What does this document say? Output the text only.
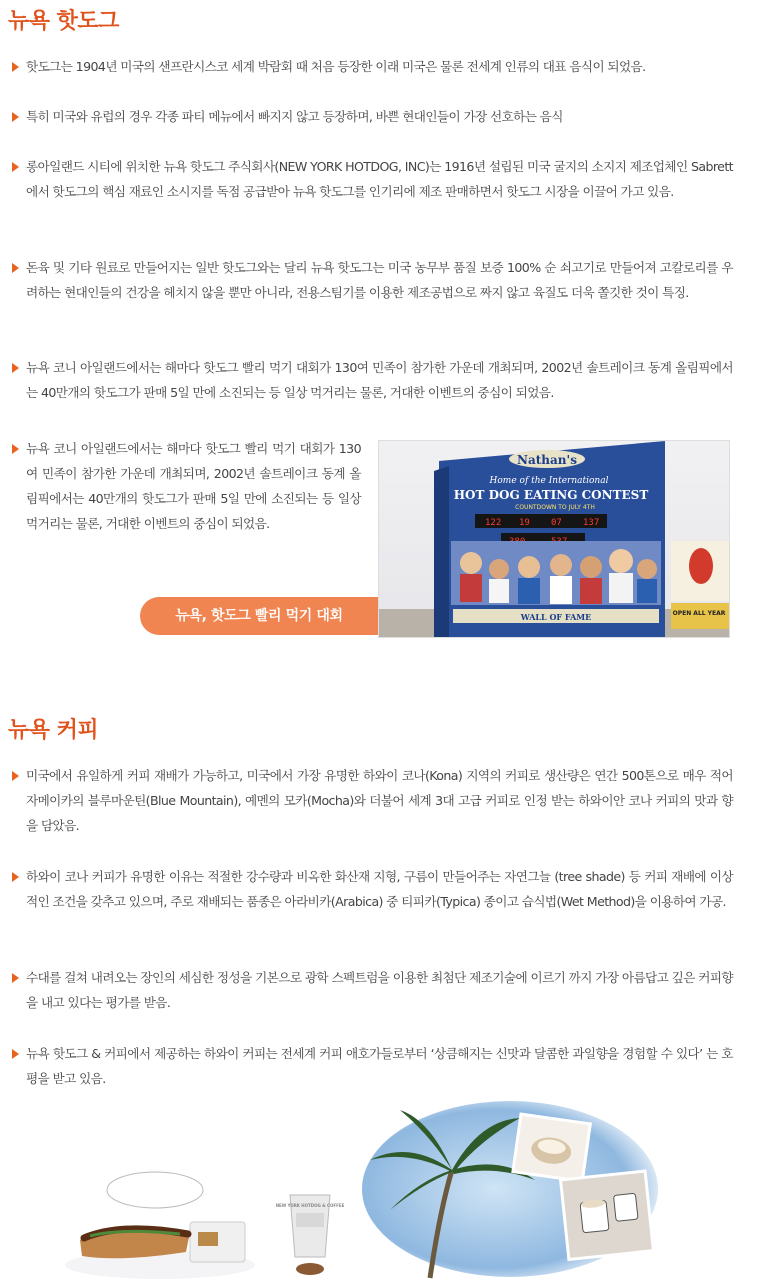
뉴욕 핫도그
핫도그는 1904년 미국의 샌프란시스코 세계 박람회 때 처음 등장한 이래 미국은 물론 전세계 인류의 대표 음식이 되었음.
특히 미국와 유럽의 경우 각종 파티 메뉴에서 빠지지 않고 등장하며, 바쁜 현대인들이 가장 선호하는 음식
롱아일랜드 시티에 위치한 뉴욕 핫도그 주식회사(NEW YORK HOTDOG, INC)는 1916년 설립된 미국 굴지의 소지지 제조업체인 Sabrett 에서 핫도그의 핵심 재료인 소시지를 독점 공급받아 뉴욕 핫도그를 인기리에 제조 판매하면서 핫도그 시장을 이끌어 가고 있음.
돈육 및 기타 원료로 만들어지는 일반 핫도그와는 달리 뉴욕 핫도그는 미국 농무부 품질 보증 100% 순 쇠고기로 만들어져 고칼로리를 우려하는 현대인들의 건강을 헤치지 않을 뿐만 아니라, 전용스팀기를 이용한 제조공법으로 짜지 않고 육질도 더욱 쫄깃한 것이 특징.
뉴욕 코니 아일랜드에서는 해마다 핫도그 빨리 먹기 대회가 130여 민족이 참가한 가운데 개최되며, 2002년 솔트레이크 동계 올림픽에서는 40만개의 핫도그가 판매 5일 만에 소진되는 등 일상 먹거리는 물론, 거대한 이벤트의 중심이 되었음.
뉴욕 코니 아일랜드에서는 해마다 핫도그 빨리 먹기 대회가 130여 민족이 참가한 가운데 개최되며, 2002년 솔트레이크 동계 올림픽에서는 40만개의 핫도그가 판매 5일 만에 소진되는 등 일상 먹거리는 물론, 거대한 이벤트의 중심이 되었음.
Nathan's
Home of the International
HOT DOG EATING CONTEST
COUNTDOWN TO JULY 4TH
122 19 07 137
WALL OF FAME	OPEN ALL YEAR
뉴욕, 핫도그 빨리 먹기 대회
뉴욕 커피
미국에서 유일하게 커피 재배가 가능하고, 미국에서 가장 유명한 하와이 코나(Kona) 지역의 커피로 생산량은 연간 500톤으로 매우 적어 자메이카의 블루마운틴(Blue Mountain), 예멘의 모카(Mocha)와 더불어 세계 3대 고급 커피로 인정 받는 하와이안 코나 커피의 맛과 향을 담았음.
하와이 코나 커피가 유명한 이유는 적절한 강수량과 비옥한 화산재 지형, 구름이 만들어주는 자연그늘 (tree shade) 등 커피 재배에 이상적인 조건을 갖추고 있으며, 주로 재배되는 품종은 아라비카(Arabica) 중 티피카(Typica) 종이고 습식법(Wet Method)을 이용하여 가공.
수대를 걸쳐 내려오는 장인의 세심한 정성을 기본으로 광학 스펙트럼을 이용한 최첨단 제조기술에 이르기 까지 가장 아름답고 깊은 커피향을 내고 있다는 평가를 받음.
뉴욕 핫도그 & 커피에서 제공하는 하와이 커피는 전세계 커피 애호가들로부터 ‘상큼해지는 신맛과 달콤한 과일향을 경험할 수 있다’ 는 호평을 받고 있음.
NEW YORK HOTDOG & COFFEE
